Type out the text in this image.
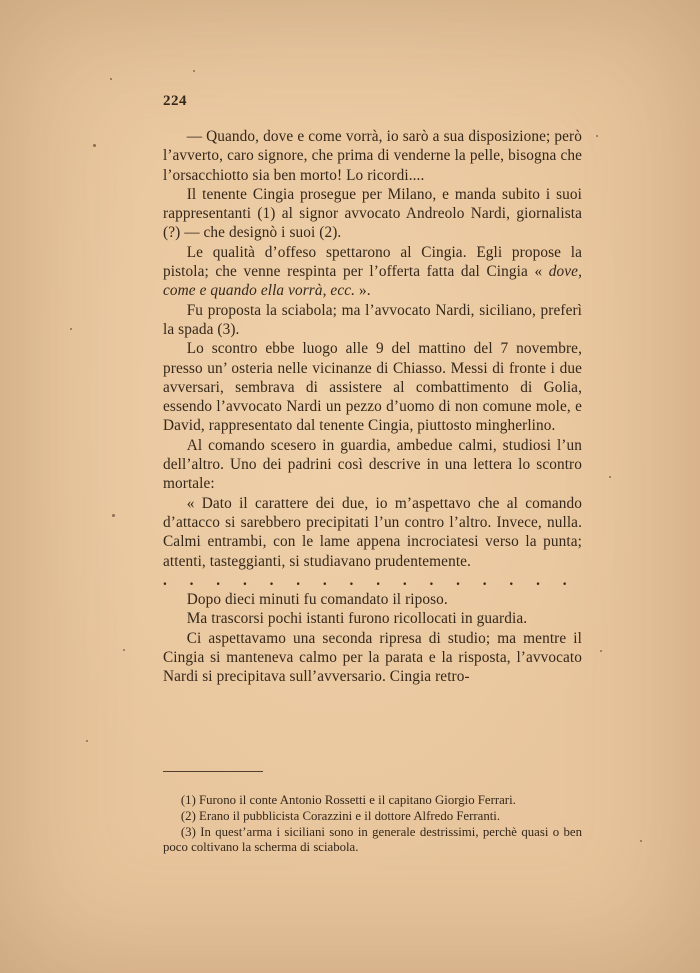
224

— Quando, dove e come vorrà, io sarò a sua disposizione; però l’avverto, caro signore, che prima di venderne la pelle, bisogna che l’orsacchiotto sia ben morto! Lo ricordi....

Il tenente Cingia prosegue per Milano, e manda subito i suoi rappresentanti (1) al signor avvocato Andreolo Nardi, giornalista (?) — che designò i suoi (2).

Le qualità d’offeso spettarono al Cingia. Egli propose la pistola; che venne respinta per l’offerta fatta dal Cingia « dove, come e quando ella vorrà, ecc. ».

Fu proposta la sciabola; ma l’avvocato Nardi, siciliano, preferì la spada (3).

Lo scontro ebbe luogo alle 9 del mattino del 7 novembre, presso un’ osteria nelle vicinanze di Chiasso. Messi di fronte i due avversari, sembrava di assistere al combattimento di Golia, essendo l’avvocato Nardi un pezzo d’uomo di non comune mole, e David, rappresentato dal tenente Cingia, piuttosto mingherlino.

Al comando scesero in guardia, ambedue calmi, studiosi l’un dell’altro. Uno dei padrini così descrive in una lettera lo scontro mortale:

« Dato il carattere dei due, io m’aspettavo che al comando d’attacco si sarebbero precipitati l’un contro l’altro. Invece, nulla. Calmi entrambi, con le lame appena incrociatesi verso la punta; attenti, tasteggianti, si studiavano prudentemente.

. . . . . . . . . . . . . . . .

Dopo dieci minuti fu comandato il riposo.

Ma trascorsi pochi istanti furono ricollocati in guardia.

Ci aspettavamo una seconda ripresa di studio; ma mentre il Cingia si manteneva calmo per la parata e la risposta, l’avvocato Nardi si precipitava sull’avversario. Cingia retro-

(1) Furono il conte Antonio Rossetti e il capitano Giorgio Ferrari.

(2) Erano il pubblicista Corazzini e il dottore Alfredo Ferranti.

(3) In quest’arma i siciliani sono in generale destrissimi, perchè quasi o ben poco coltivano la scherma di sciabola.
